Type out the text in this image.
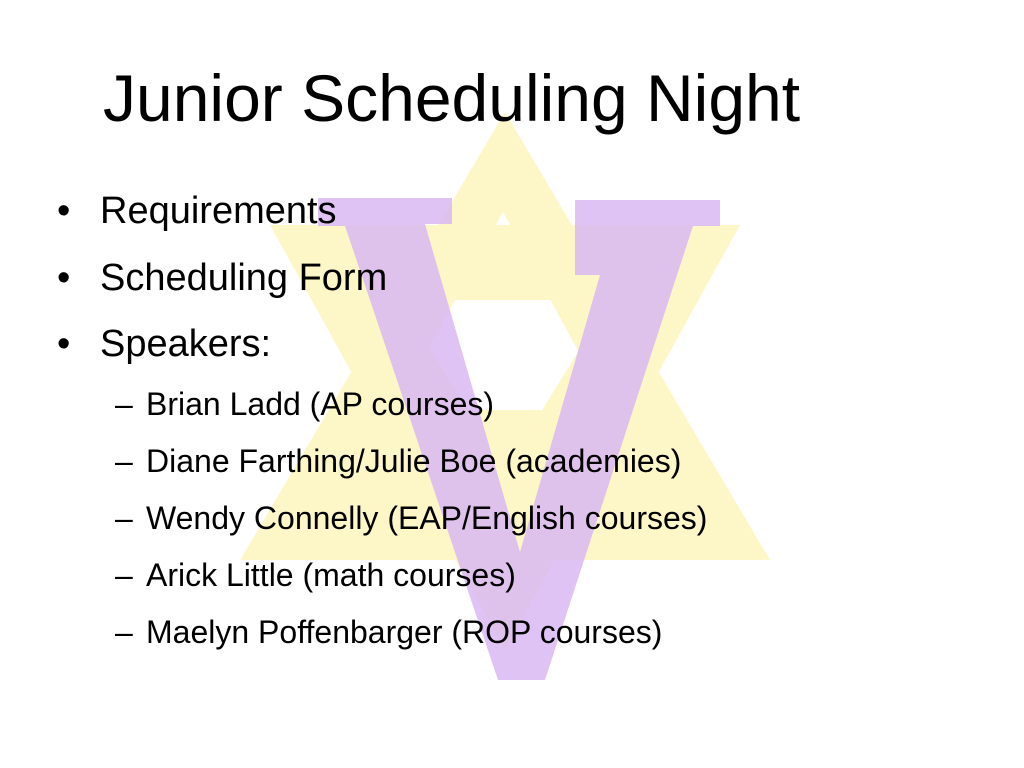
Junior Scheduling Night
• Requirements
• Scheduling Form
• Speakers:
– Brian Ladd (AP courses)
– Diane Farthing/Julie Boe (academies)
– Wendy Connelly (EAP/English courses)
– Arick Little (math courses)
– Maelyn Poffenbarger (ROP courses)
